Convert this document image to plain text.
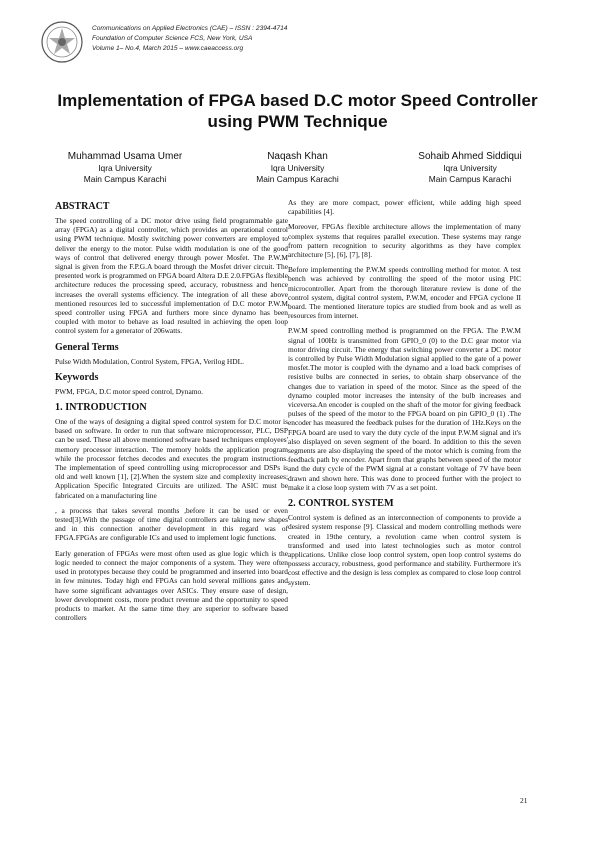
Communications on Applied Electronics (CAE) – ISSN : 2394-4714
Foundation of Computer Science FCS, New York, USA
Volume 1– No.4, March 2015 – www.caeaccess.org
Implementation of FPGA based D.C motor Speed Controller using PWM Technique
Muhammad Usama Umer
Iqra University
Main Campus Karachi
Naqash Khan
Iqra University
Main Campus Karachi
Sohaib Ahmed Siddiqui
Iqra University
Main Campus Karachi
ABSTRACT

The speed controlling of a DC motor drive using field programmable gate array (FPGA) as a digital controller, which provides an operational control using PWM technique. Mostly switching power converters are employed to deliver the energy to the motor. Pulse width modulation is one of the good ways of control that delivered energy through power Mosfet. The P.W.M signal is given from the F.P.G.A board through the Mosfet driver circuit. The presented work is programmed on FPGA board Altera D.E 2.0.FPGAs flexible architecture reduces the processing speed, accuracy, robustness and hence increases the overall systems efficiency. The integration of all these above mentioned resources led to successful implementation of D.C motor P.W.M speed controller using FPGA and furthers more since dynamo has been coupled with motor to behave as load resulted in achieving the open loop control system for a generator of 206watts.

General Terms

Pulse Width Modulation, Control System, FPGA, Verilog HDL.

Keywords

PWM, FPGA, D.C motor speed control, Dynamo.

1. INTRODUCTION

One of the ways of designing a digital speed control system for D.C motor is based on software. In order to run that software microprocessor, PLC, DSP can be used. These all above mentioned software based techniques employees' memory processor interaction. The memory holds the application program while the processor fetches decodes and executes the program instructions. The implementation of speed controlling using microprocessor and DSPs is old and well known [1], [2].When the system size and complexity increases; Application Specific Integrated Circuits are utilized. The ASIC must be fabricated on a manufacturing line

, a process that takes several months ,before it can be used or even tested[3].With the passage of time digital controllers are taking new shapes and in this connection another development in this regard was of FPGA.FPGAs are configurable ICs and used to implement logic functions.

Early generation of FPGAs were most often used as glue logic which is the logic needed to connect the major components of a system. They were often used in prototypes because they could be programmed and inserted into board in few minutes. Today high end FPGAs can hold several millions gates and have some significant advantages over ASICs. They ensure ease of design, lower development costs, more product revenue and the opportunity to speed products to market. At the same time they are superior to software based controllers

As they are more compact, power efficient, while adding high speed capabilities [4].

Moreover, FPGAs flexible architecture allows the implementation of many complex systems that requires parallel execution. These systems may range from pattern recognition to security algorithms as they have complex architecture [5], [6], [7], [8].

Before implementing the P.W.M speeds controlling method for motor. A test bench was achieved by controlling the speed of the motor using PIC microcontroller. Apart from the thorough literature review is done of the control system, digital control system, P.W.M, encoder and FPGA cyclone II board. The mentioned literature topics are studied from book and as well as resources from internet.

P.W.M speed controlling method is programmed on the FPGA. The P.W.M signal of 100Hz is transmitted from GPIO_0 (0) to the D.C gear motor via motor driving circuit. The energy that switching power converter a DC motor is controlled by Pulse Width Modulation signal applied to the gate of a power mosfet.The motor is coupled with the dynamo and a load back comprises of resistive bulbs are connected in series, to obtain sharp observance of the changes due to variation in speed of the motor. Since as the speed of the dynamo coupled motor increases the intensity of the bulb increases and viceversa.An encoder is coupled on the shaft of the motor for giving feedback pulses of the speed of the motor to the FPGA board on pin GPIO_0 (1) .The encoder has measured the feedback pulses for the duration of 1Hz.Keys on the FPGA board are used to vary the duty cycle of the input P.W.M signal and it's also displayed on seven segment of the board. In addition to this the seven segments are also displaying the speed of the motor which is coming from the feedback path by encoder. Apart from that graphs between speed of the motor and the duty cycle of the PWM signal at a constant voltage of 7V have been drawn and shown here. This was done to proceed further with the project to make it a close loop system with 7V as a set point.

2. CONTROL SYSTEM

Control system is defined as an interconnection of components to provide a desired system response [9]. Classical and modern controlling methods were created in 19the century, a revolution came when control system is transformed and used into latest technologies such as motor control applications. Unlike close loop control system, open loop control systems do possess accuracy, robustness, good performance and stability. Furthermore it's cost effective and the design is less complex as compared to close loop control system.

21
